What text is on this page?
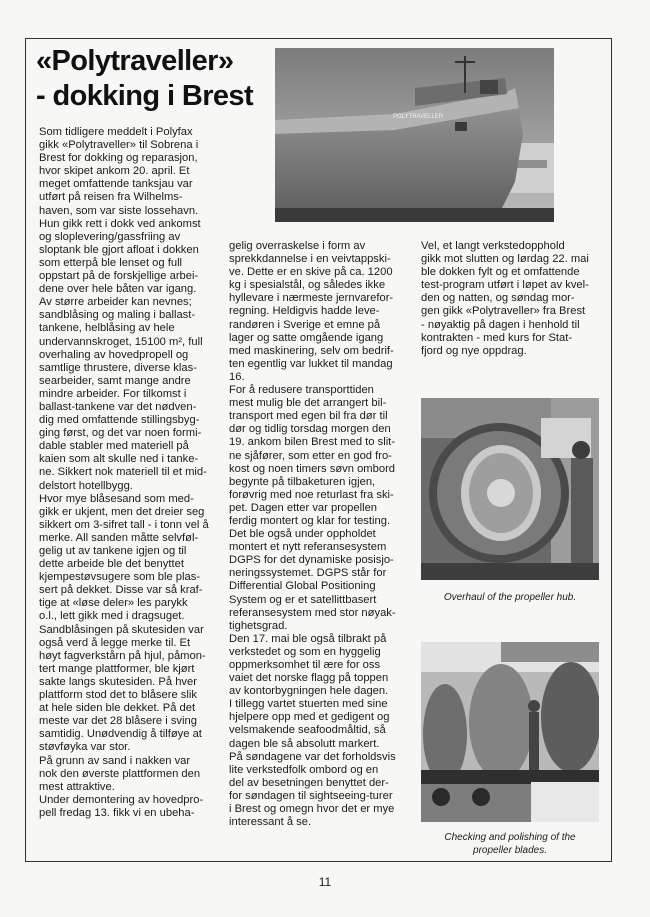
«Polytraveller»
- dokking i Brest
POLYTRAVELLER

Som tidligere meddelt i Polyfax
gikk «Polytraveller» til Sobrena i
Brest for dokking og reparasjon,
hvor skipet ankom 20. april. Et
meget omfattende tanksjau var
utført på reisen fra Wilhelms-
haven, som var siste lossehavn.
Hun gikk rett i dokk ved ankomst
og sloplevering/gassfriing av
sloptank ble gjort afloat i dokken
som etterpå ble lenset og full
oppstart på de forskjellige arbei-
dene over hele båten var igang.
Av større arbeider kan nevnes;
sandblåsing og maling i ballast-
tankene, helblåsing av hele
undervannskroget, 15100 m², full
overhaling av hovedpropell og
samtlige thrustere, diverse klas-
searbeider, samt mange andre
mindre arbeider. For tilkomst i
ballast-tankene var det nødven-
dig med omfattende stillingsbyg-
ging først, og det var noen formi-
dable stabler med materiell på
kaien som alt skulle ned i tanke-
ne. Sikkert nok materiell til et mid-
delstort hotellbygg.

Hvor mye blåsesand som med-
gikk er ukjent, men det dreier seg
sikkert om 3-sifret tall - i tonn vel å
merke. All sanden måtte selvføl-
gelig ut av tankene igjen og til
dette arbeide ble det benyttet
kjempestøvsugere som ble plas-
sert på dekket. Disse var så kraf-
tige at «løse deler» les parykk
o.l., lett gikk med i dragsuget.

Sandblåsingen på skutesiden var
også verd å legge merke til. Et
høyt fagverkstårn på hjul, påmon-
tert mange plattformer, ble kjørt
sakte langs skutesiden. På hver
plattform stod det to blåsere slik
at hele siden ble dekket. På det
meste var det 28 blåsere i sving
samtidig. Unødvendig å tilføye at
støvføyka var stor.

På grunn av sand i nakken var
nok den øverste plattformen den
mest attraktive.

Under demontering av hovedpro-
pell fredag 13. fikk vi en ubeha-

gelig overraskelse i form av
sprekkdannelse i en veivtappski-
ve. Dette er en skive på ca. 1200
kg i spesialstål, og således ikke
hyllevare i nærmeste jernvarefor-
regning. Heldigvis hadde leve-
randøren i Sverige et emne på
lager og satte omgående igang
med maskinering, selv om bedrif-
ten egentlig var lukket til mandag
16.

For å redusere transporttiden
mest mulig ble det arrangert bil-
transport med egen bil fra dør til
dør og tidlig torsdag morgen den
19. ankom bilen Brest med to slit-
ne sjåfører, som etter en god fro-
kost og noen timers søvn ombord
begynte på tilbaketuren igjen,
forøvrig med noe returlast fra ski-
pet. Dagen etter var propellen
ferdig montert og klar for testing.
Det ble også under oppholdet
montert et nytt referansesystem
DGPS for det dynamiske posisjo-
neringssystemet. DGPS står for
Differential Global Positioning
System og er et satellittbasert
referansesystem med stor nøyak-
tighetsgrad.

Den 17. mai ble også tilbrakt på
verkstedet og som en hyggelig
oppmerksomhet til ære for oss
vaiet det norske flagg på toppen
av kontorbygningen hele dagen.
I tillegg vartet stuerten med sine
hjelpere opp med et gedigent og
velsmakende seafoodmåltid, så
dagen ble så absolutt markert.

På søndagene var det forholdsvis
lite verkstedfolk ombord og en
del av besetningen benyttet der-
for søndagen til sightseeing-turer
i Brest og omegn hvor det er mye
interessant å se.

Vel, et langt verkstedopphold
gikk mot slutten og lørdag 22. mai
ble dokken fylt og et omfattende
test-program utført i løpet av kvel-
den og natten, og søndag mor-
gen gikk «Polytraveller» fra Brest
- nøyaktig på dagen i henhold til
kontrakten - med kurs for Stat-
fjord og nye oppdrag.

Overhaul of the propeller hub.
Checking and polishing of the
propeller blades.
11
